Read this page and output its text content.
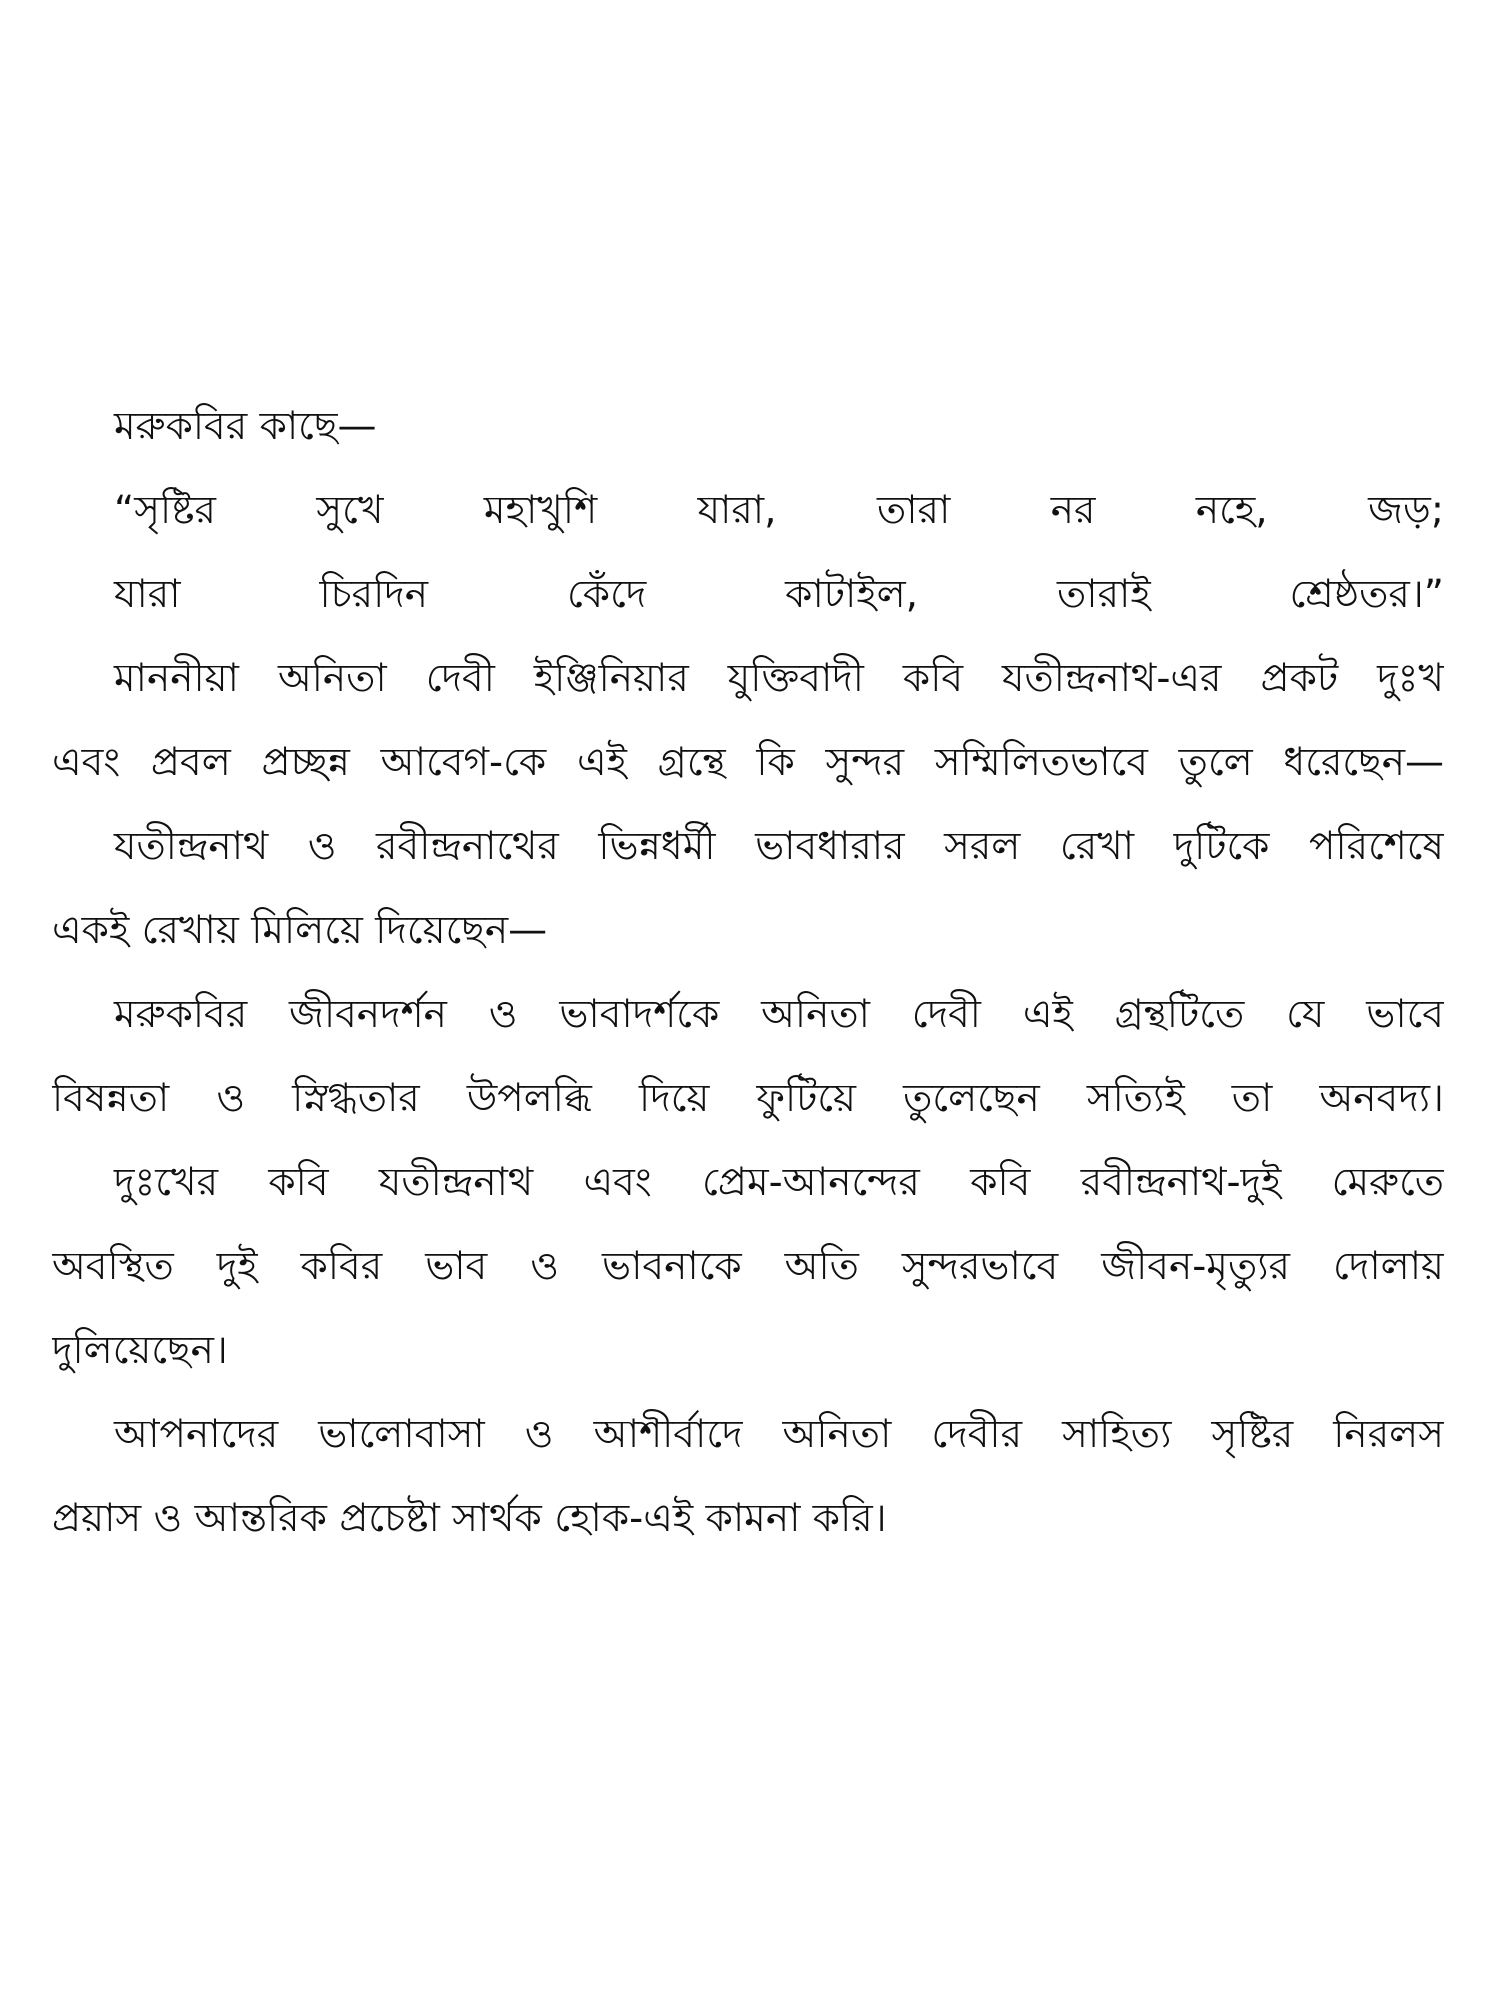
মরুকবির কাছে—
“সৃষ্টির সুখে মহাখুশি যারা, তারা নর নহে, জড়;
যারা চিরদিন কেঁদে কাটাইল, তারাই শ্রেষ্ঠতর।”
মাননীয়া অনিতা দেবী ইঞ্জিনিয়ার যুক্তিবাদী কবি যতীন্দ্রনাথ-এর প্রকট দুঃখ
এবং প্রবল প্রচ্ছন্ন আবেগ-কে এই গ্রন্থে কি সুন্দর সম্মিলিতভাবে তুলে ধরেছেন—
যতীন্দ্রনাথ ও রবীন্দ্রনাথের ভিন্নধর্মী ভাবধারার সরল রেখা দুটিকে পরিশেষে
একই রেখায় মিলিয়ে দিয়েছেন—
মরুকবির জীবনদর্শন ও ভাবাদর্শকে অনিতা দেবী এই গ্রন্থটিতে যে ভাবে
বিষন্নতা ও স্নিগ্ধতার উপলব্ধি দিয়ে ফুটিয়ে তুলেছেন সত্যিই তা অনবদ্য।
দুঃখের কবি যতীন্দ্রনাথ এবং প্রেম-আনন্দের কবি রবীন্দ্রনাথ-দুই মেরুতে
অবস্থিত দুই কবির ভাব ও ভাবনাকে অতি সুন্দরভাবে জীবন-মৃত্যুর দোলায়
দুলিয়েছেন।
আপনাদের ভালোবাসা ও আশীর্বাদে অনিতা দেবীর সাহিত্য সৃষ্টির নিরলস
প্রয়াস ও আন্তরিক প্রচেষ্টা সার্থক হোক-এই কামনা করি।
